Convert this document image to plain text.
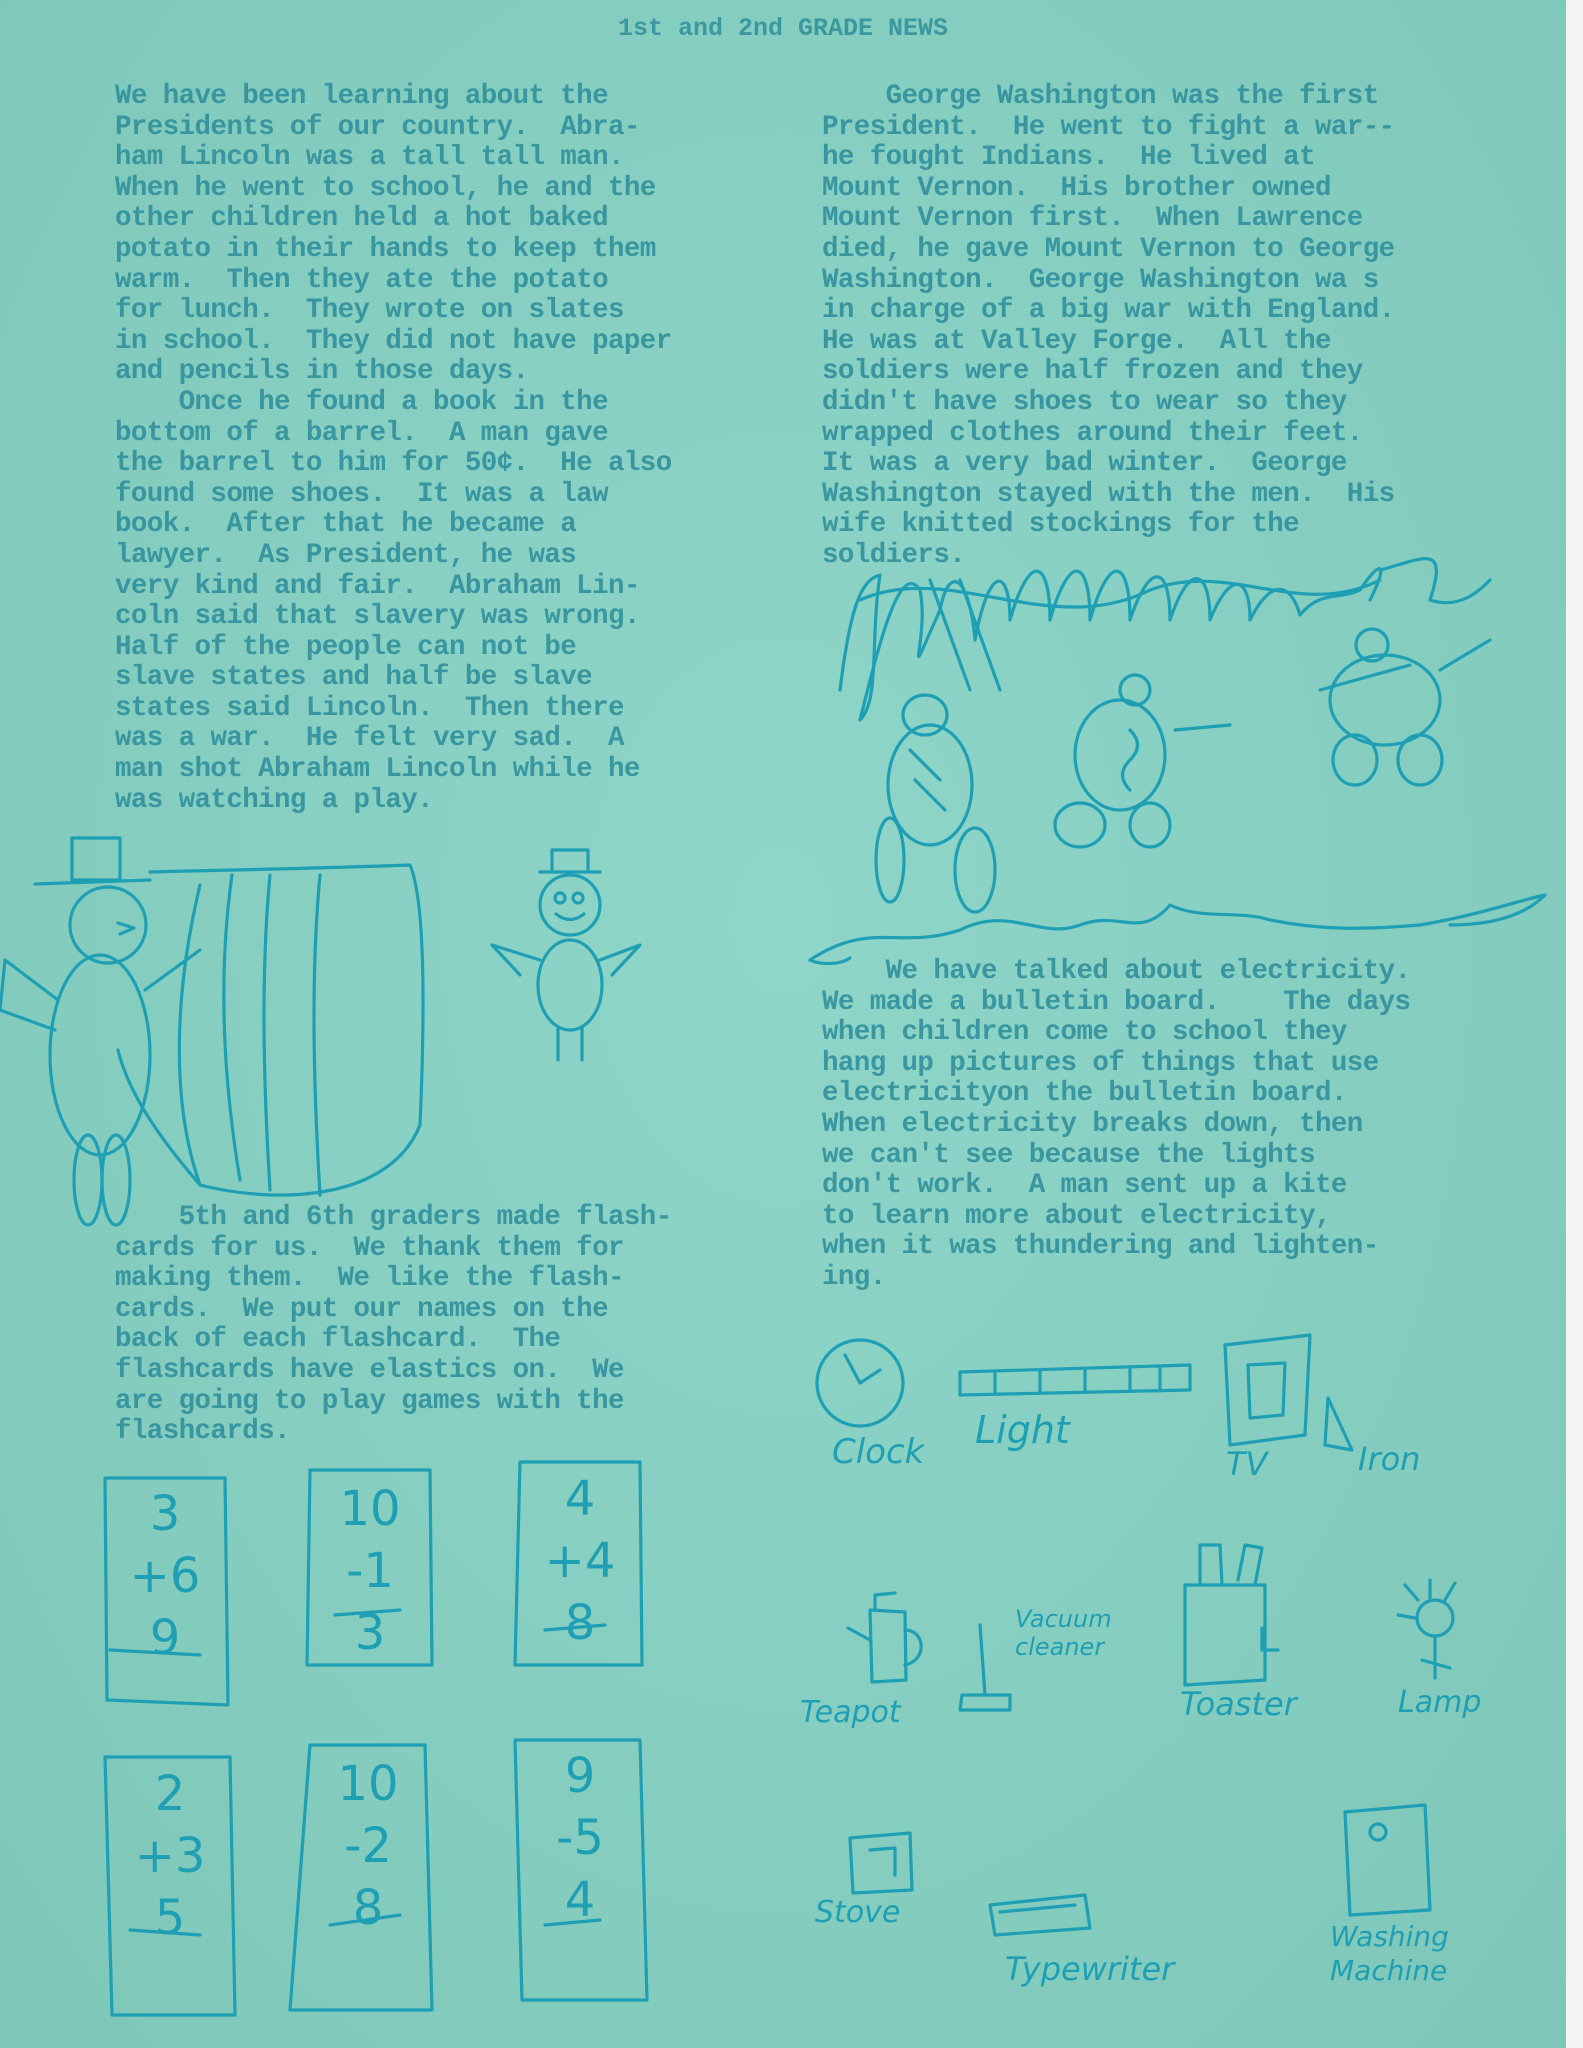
1st and 2nd GRADE NEWS
We have been learning about the
Presidents of our country.  Abra-
ham Lincoln was a tall tall man.
When he went to school, he and the
other children held a hot baked
potato in their hands to keep them
warm.  Then they ate the potato
for lunch.  They wrote on slates
in school.  They did not have paper
and pencils in those days.
Once he found a book in the
bottom of a barrel.  A man gave
the barrel to him for 50¢.  He also
found some shoes.  It was a law
book.  After that he became a
lawyer.  As President, he was
very kind and fair.  Abraham Lin-
coln said that slavery was wrong.
Half of the people can not be
slave states and half be slave
states said Lincoln.  Then there
was a war.  He felt very sad.  A
man shot Abraham Lincoln while he
was watching a play.
5th and 6th graders made flash-
cards for us.  We thank them for
making them.  We like the flash-
cards.  We put our names on the
back of each flashcard.  The
flashcards have elastics on.  We
are going to play games with the
flashcards.
George Washington was the first
President.  He went to fight a war--
he fought Indians.  He lived at
Mount Vernon.  His brother owned
Mount Vernon first.  When Lawrence
died, he gave Mount Vernon to George
Washington.  George Washington wa s
in charge of a big war with England.
He was at Valley Forge.  All the
soldiers were half frozen and they
didn't have shoes to wear so they
wrapped clothes around their feet.
It was a very bad winter.  George
Washington stayed with the men.  His
wife knitted stockings for the
soldiers.
We have talked about electricity.
We made a bulletin board.    The days
when children come to school they
hang up pictures of things that use
electricityon the bulletin board.
When electricity breaks down, then
we can't see because the lights
don't work.  A man sent up a kite
to learn more about electricity,
when it was thundering and lighten-
ing.
3
+6
9
10
-1
3
4
+4
8
2
+3
5
10
-2
8
9
-5
4
Clock Light
TV	Iron
Teapot
Vacuum
cleaner
Toaster	Lamp
Stove
Typewriter
Washing
Machine
